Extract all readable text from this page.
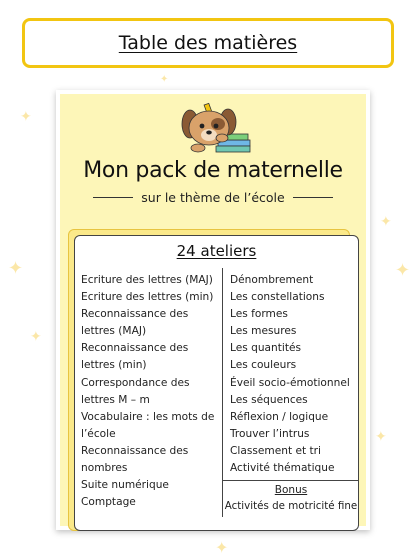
✦
✦
✦
✦
✦
✦
✦
✦
Table des matières
Mon pack de maternelle
sur le thème de l’école
24 ateliers
Ecriture des lettres (MAJ)
Ecriture des lettres (min)
Reconnaissance des lettres (MAJ)
Reconnaissance des lettres (min)
Correspondance des lettres M – m
Vocabulaire : les mots de l’école
Reconnaissance des nombres
Suite numérique
Comptage
Dénombrement
Les constellations
Les formes
Les mesures
Les quantités
Les couleurs
Éveil socio-émotionnel
Les séquences
Réflexion / logique
Trouver l’intrus
Classement et tri
Activité thématique
Bonus
Activités de motricité fine
